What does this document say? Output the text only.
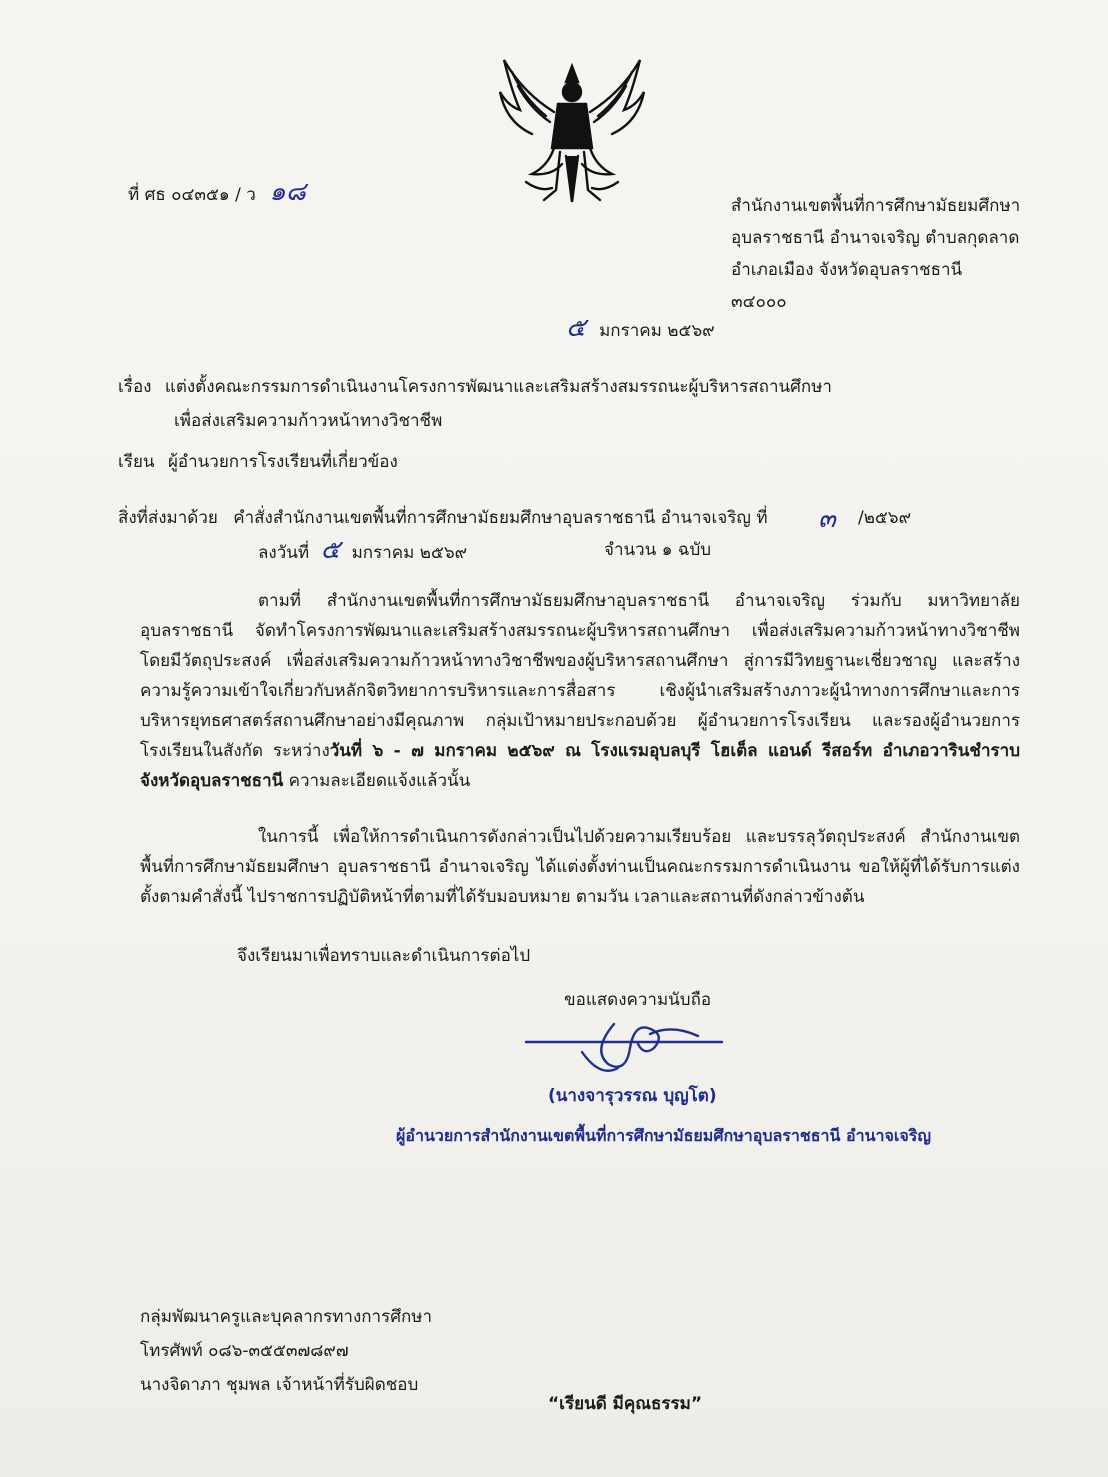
ที่ ศธ ๐๔๓๕๑ / ว ๑๘	สำนักงานเขตพื้นที่การศึกษามัธยมศึกษา
อุบลราชธานี อำนาจเจริญ ตำบลกุดลาด
อำเภอเมือง จังหวัดอุบลราชธานี
๓๔๐๐๐
๕ มกราคม ๒๕๖๙
เรื่อง แต่งตั้งคณะกรรมการดำเนินงานโครงการพัฒนาและเสริมสร้างสมรรถนะผู้บริหารสถานศึกษา
เพื่อส่งเสริมความก้าวหน้าทางวิชาชีพ
เรียน ผู้อำนวยการโรงเรียนที่เกี่ยวข้อง
สิ่งที่ส่งมาด้วย คำสั่งสำนักงานเขตพื้นที่การศึกษามัธยมศึกษาอุบลราชธานี อำนาจเจริญ ที่ ๓ /๒๕๖๙
ลงวันที่ ๕ มกราคม ๒๕๖๙	จำนวน ๑ ฉบับ
ตามที่ สำนักงานเขตพื้นที่การศึกษามัธยมศึกษาอุบลราชธานี อำนาจเจริญ ร่วมกับ มหาวิทยาลัยอุบลราชธานี จัดทำโครงการพัฒนาและเสริมสร้างสมรรถนะผู้บริหารสถานศึกษา เพื่อส่งเสริมความก้าวหน้าทางวิชาชีพ โดยมีวัตถุประสงค์ เพื่อส่งเสริมความก้าวหน้าทางวิชาชีพของผู้บริหารสถานศึกษา สู่การมีวิทยฐานะเชี่ยวชาญ และสร้างความรู้ความเข้าใจเกี่ยวกับหลักจิตวิทยาการบริหารและการสื่อสาร เชิงผู้นำเสริมสร้างภาวะผู้นำทางการศึกษาและการบริหารยุทธศาสตร์สถานศึกษาอย่างมีคุณภาพ กลุ่มเป้าหมายประกอบด้วย ผู้อำนวยการโรงเรียน และรองผู้อำนวยการโรงเรียนในสังกัด ระหว่างวันที่ ๖ - ๗ มกราคม ๒๕๖๙ ณ โรงแรมอุบลบุรี โฮเต็ล แอนด์ รีสอร์ท อำเภอวารินชำราบ จังหวัดอุบลราชธานี ความละเอียดแจ้งแล้วนั้น
ในการนี้ เพื่อให้การดำเนินการดังกล่าวเป็นไปด้วยความเรียบร้อย และบรรลุวัตถุประสงค์ สำนักงานเขตพื้นที่การศึกษามัธยมศึกษา อุบลราชธานี อำนาจเจริญ ได้แต่งตั้งท่านเป็นคณะกรรมการดำเนินงาน ขอให้ผู้ที่ได้รับการแต่งตั้งตามคำสั่งนี้ ไปราชการปฏิบัติหน้าที่ตามที่ได้รับมอบหมาย ตามวัน เวลาและสถานที่ดังกล่าวข้างต้น
จึงเรียนมาเพื่อทราบและดำเนินการต่อไป
ขอแสดงความนับถือ
(นางจารุวรรณ บุญโต)
ผู้อำนวยการสำนักงานเขตพื้นที่การศึกษามัธยมศึกษาอุบลราชธานี อำนาจเจริญ
กลุ่มพัฒนาครูและบุคลากรทางการศึกษา
โทรศัพท์ ๐๘๖-๓๕๕๓๗๘๙๗
นางจิดาภา ชุมพล เจ้าหน้าที่รับผิดชอบ
“เรียนดี มีคุณธรรม”
